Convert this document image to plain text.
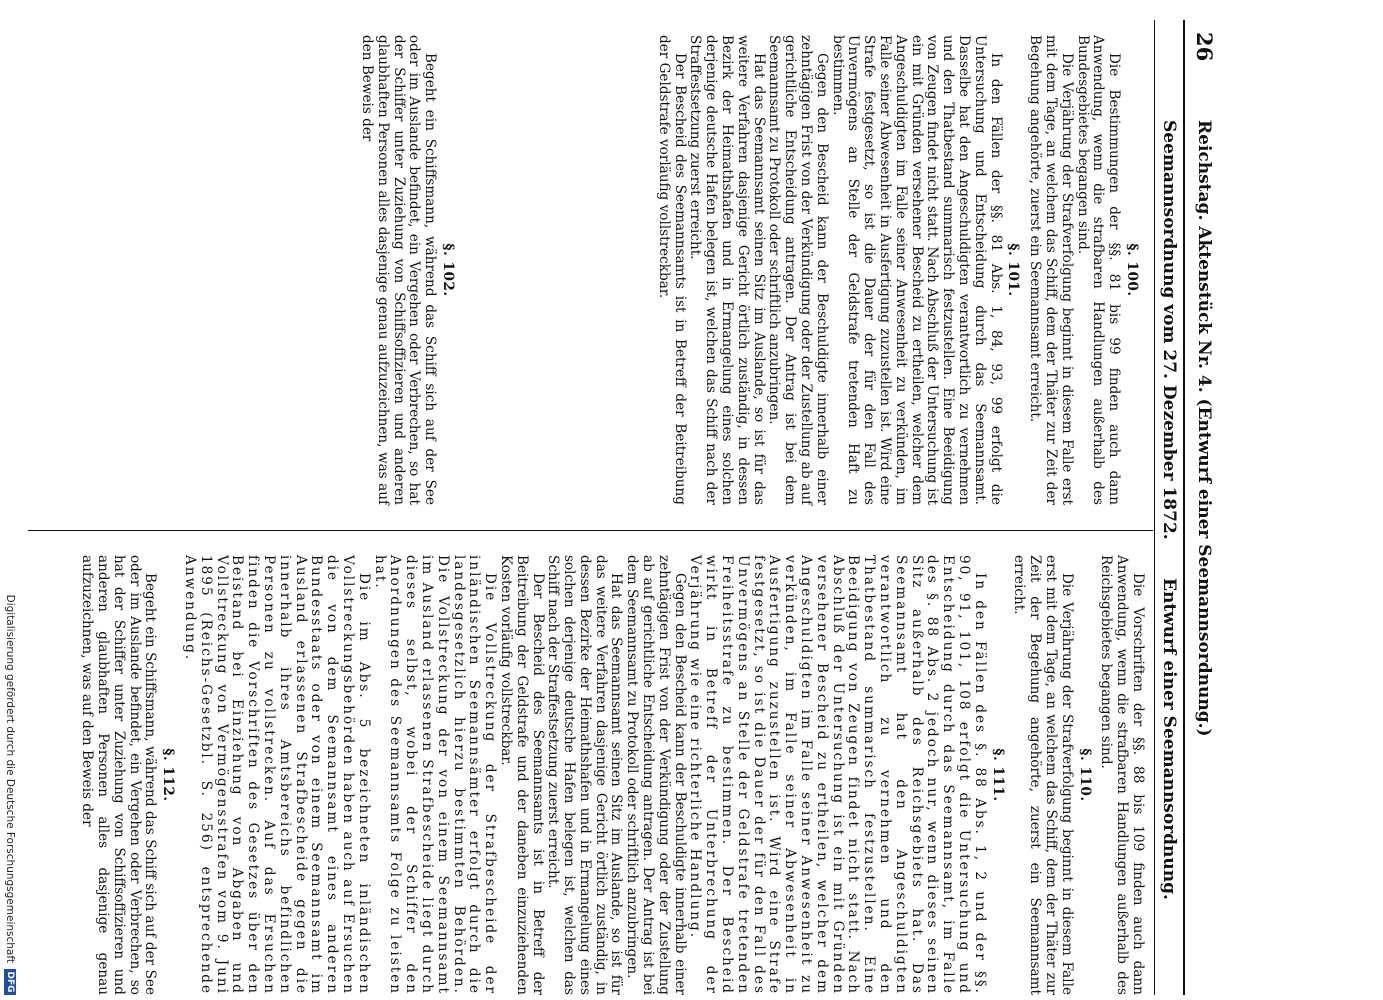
26
Reichstag. Aktenstück Nr. 4. (Entwurf einer Seemannsordnung.)
Seemannsordnung vom 27. Dezember 1872.
Entwurf einer Seemannsordnung.
§. 100.

Die Bestimmungen der §§. 81 bis 99 finden auch dann Anwendung, wenn die strafbaren Handlungen außerhalb des Bundesgebietes begangen sind.

Die Verjährung der Strafverfolgung beginnt in diesem Falle erst mit dem Tage, an welchem das Schiff, dem der Thäter zur Zeit der Begehung angehörte, zuerst ein Seemannsamt erreicht.

§. 101.

In den Fällen der §§. 81 Abs. 1, 84, 93, 99 erfolgt die Untersuchung und Entscheidung durch das Seemannsamt. Dasselbe hat den Angeschuldigten verantwortlich zu vernehmen und den Thatbestand summarisch festzustellen. Eine Beeidigung von Zeugen findet nicht statt. Nach Abschluß der Untersuchung ist ein mit Gründen versehener Bescheid zu ertheilen, welcher dem Angeschuldigten im Falle seiner Anwesenheit zu verkünden, im Falle seiner Abwesenheit in Ausfertigung zuzustellen ist. Wird eine Strafe festgesetzt, so ist die Dauer der für den Fall des Unvermögens an Stelle der Geldstrafe tretenden Haft zu bestimmen.

Gegen den Bescheid kann der Beschuldigte innerhalb einer zehntägigen Frist von der Verkündigung oder der Zustellung ab auf gerichtliche Entscheidung antragen. Der Antrag ist bei dem Seemannsamt zu Protokoll oder schriftlich anzubringen.

Hat das Seemannsamt seinen Sitz im Auslande, so ist für das weitere Verfahren dasjenige Gericht örtlich zuständig, in dessen Bezirk der Heimathshafen und in Ermangelung eines solchen derjenige deutsche Hafen belegen ist, welchen das Schiff nach der Straffestsetzung zuerst erreicht.

Der Bescheid des Seemannsamts ist in Betreff der Beitreibung der Geldstrafe vorläufig vollstreckbar.

§. 102.

Begeht ein Schiffsmann, während das Schiff sich auf der See oder im Auslande befindet, ein Vergehen oder Verbrechen, so hat der Schiffer unter Zuziehung von Schiffsoffizieren und anderen glaubhaften Personen alles dasjenige genau aufzuzeichnen, was auf den Beweis der

Die Vorschriften der §§. 88 bis 109 finden auch dann Anwendung, wenn die strafbaren Handlungen außerhalb des Reichsgebietes begangen sind.

§. 110.

Die Verjährung der Strafverfolgung beginnt in diesem Falle erst mit dem Tage, an welchem das Schiff, dem der Thäter zur Zeit der Begehung angehörte, zuerst ein Seemannsamt erreicht.

§. 111.

In den Fällen des §. 88 Abs. 1, 2 und der §§. 90, 91, 101, 108 erfolgt die Untersuchung und Entscheidung durch das Seemannsamt, im Falle des §. 88 Abs. 2 jedoch nur, wenn dieses seinen Sitz außerhalb des Reichsgebiets hat. Das Seemannsamt hat den Angeschuldigten verantwortlich zu vernehmen und den Thatbestand summarisch festzustellen. Eine Beeidigung von Zeugen findet nicht statt. Nach Abschluß der Untersuchung ist ein mit Gründen versehener Bescheid zu ertheilen, welcher dem Angeschuldigten im Falle seiner Anwesenheit zu verkünden, im Falle seiner Abwesenheit in Ausfertigung zuzustellen ist. Wird eine Strafe festgesetzt, so ist die Dauer der für den Fall des Unvermögens an Stelle der Geldstrafe tretenden Freiheitsstrafe zu bestimmen. Der Bescheid wirkt in Betreff der Unterbrechung der Verjährung wie eine richterliche Handlung.

Gegen den Bescheid kann der Beschuldigte innerhalb einer zehntägigen Frist von der Verkündigung oder der Zustellung ab auf gerichtliche Entscheidung antragen. Der Antrag ist bei dem Seemannsamt zu Protokoll oder schriftlich anzubringen.

Hat das Seemannsamt seinen Sitz im Auslande, so ist für das weitere Verfahren dasjenige Gericht örtlich zuständig, in dessen Bezirke der Heimathshafen und in Ermangelung eines solchen derjenige deutsche Hafen belegen ist, welchen das Schiff nach der Straffestsetzung zuerst erreicht.

Der Bescheid des Seemannsamts ist in Betreff der Beitreibung der Geldstrafe und der daneben einzuziehenden Kosten vorläufig vollstreckbar.

Die Vollstreckung der Strafbescheide der inländischen Seemannsämter erfolgt durch die landesgesetzlich hierzu bestimmten Behörden. Die Vollstreckung der von einem Seemannsamt im Ausland erlassenen Strafbescheide liegt durch dieses selbst, wobei der Schiffer den Anordnungen des Seemannsamts Folge zu leisten hat.

Die im Abs. 5 bezeichneten inländischen Vollstreckungsbehörden haben auch auf Ersuchen die von dem Seemannsamt eines anderen Bundesstaats oder von einem Seemannsamt im Ausland erlassenen Strafbescheide gegen die innerhalb ihres Amtsbereichs befindlichen Personen zu vollstrecken. Auf das Ersuchen finden die Vorschriften des Gesetzes über den Beistand bei Einziehung von Abgaben und Vollstreckung von Vermögensstrafen vom 9. Juni 1895 (Reichs-Gesetzbl. S. 256) entsprechende Anwendung.

§. 112.

Begeht ein Schiffsmann, während das Schiff sich auf der See oder im Auslande befindet, ein Vergehen oder Verbrechen, so hat der Schiffer unter Zuziehung von Schiffsoffizieren und anderen glaubhaften Personen alles dasjenige genau aufzuzeichnen, was auf den Beweis der

Digitalisierung gefördert durch die Deutsche Forschungsgemeinschaft
DFG
